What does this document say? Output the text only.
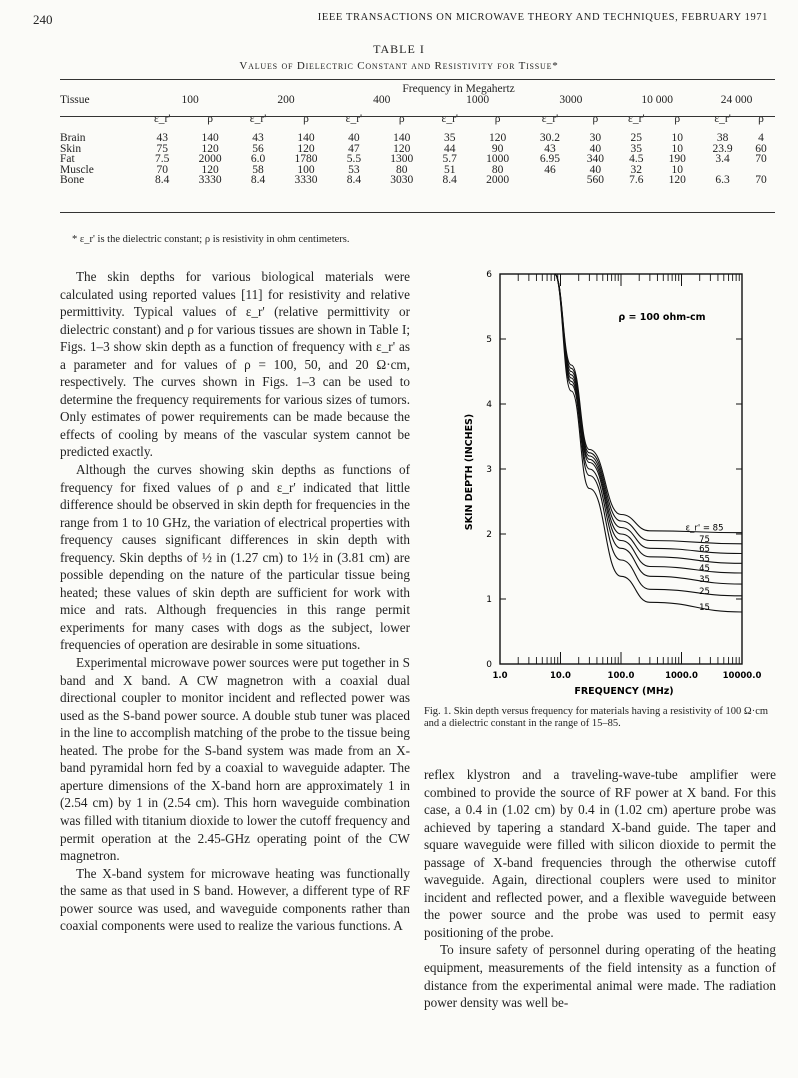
240	IEEE TRANSACTIONS ON MICROWAVE THEORY AND TECHNIQUES, FEBRUARY 1971
TABLE I
Values of Dielectric Constant and Resistivity for Tissue*
	Frequency in Megahertz													
Tissue	100		200		400		1000		3000		10 000		24 000	
	ε_r'	ρ	ε_r'	ρ	ε_r'	ρ	ε_r'	ρ	ε_r'	ρ	ε_r'	ρ	ε_r'	ρ
Brain	43	140	43	140	40	140	35	120	30.2	30	25	10	38	4
Skin	75	120	56	120	47	120	44	90	43	40	35	10	23.9	60
Fat	7.5	2000	6.0	1780	5.5	1300	5.7	1000	6.95	340	4.5	190	3.4	70
Muscle	70	120	58	100	53	80	51	80	46	40	32	10		
Bone	8.4	3330	8.4	3330	8.4	3030	8.4	2000		560	7.6	120	6.3	70
* ε_r' is the dielectric constant; ρ is resistivity in ohm centimeters.

The skin depths for various biological materials were calculated using reported values [11] for resistivity and relative permittivity. Typical values of ε_r' (relative permittivity or dielectric constant) and ρ for various tissues are shown in Table I; Figs. 1–3 show skin depth as a function of frequency with ε_r' as a parameter and for values of ρ = 100, 50, and 20 Ω·cm, respectively. The curves shown in Figs. 1–3 can be used to determine the frequency requirements for various sizes of tumors. Only estimates of power requirements can be made because the effects of cooling by means of the vascular system cannot be predicted exactly.

Although the curves showing skin depths as functions of frequency for fixed values of ρ and ε_r' indicated that little difference should be observed in skin depth for frequencies in the range from 1 to 10 GHz, the variation of electrical properties with frequency causes significant differences in skin depth with frequency. Skin depths of ½ in (1.27 cm) to 1½ in (3.81 cm) are possible depending on the nature of the particular tissue being heated; these values of skin depth are sufficient for work with mice and rats. Although frequencies in this range permit experiments for many cases with dogs as the subject, lower frequencies of operation are desirable in some situations.

Experimental microwave power sources were put together in S band and X band. A CW magnetron with a coaxial dual directional coupler to monitor incident and reflected power was used as the S-band power source. A double stub tuner was placed in the line to accomplish matching of the probe to the tissue being heated. The probe for the S-band system was made from an X-band pyramidal horn fed by a coaxial to waveguide adapter. The aperture dimensions of the X-band horn are approximately 1 in (2.54 cm) by 1 in (2.54 cm). This horn waveguide combination was filled with titanium dioxide to lower the cutoff frequency and permit operation at the 2.45-GHz operating point of the CW magnetron.

The X-band system for microwave heating was functionally the same as that used in S band. However, a different type of RF power source was used, and waveguide components rather than coaxial components were used to realize the various functions. A

SKIN DEPTH (INCHES)
FREQUENCY (MHz)
ρ = 100 ohm-cm
0
1
2
3
4
5
6
1.0	10.0	100.0	1000.0	10000.0
ε_r' = 85
75
65
55
45
35
25
15
Fig. 1. Skin depth versus frequency for materials having a resistivity of 100 Ω·cm and a dielectric constant in the range of 15–85.

reflex klystron and a traveling-wave-tube amplifier were combined to provide the source of RF power at X band. For this case, a 0.4 in (1.02 cm) by 0.4 in (1.02 cm) aperture probe was achieved by tapering a standard X-band guide. The taper and square waveguide were filled with silicon dioxide to permit the passage of X-band frequencies through the otherwise cutoff waveguide. Again, directional couplers were used to minitor incident and reflected power, and a flexible waveguide between the power source and the probe was used to permit easy positioning of the probe.

To insure safety of personnel during operating of the heating equipment, measurements of the field intensity as a function of distance from the experimental animal were made. The radiation power density was well be-
